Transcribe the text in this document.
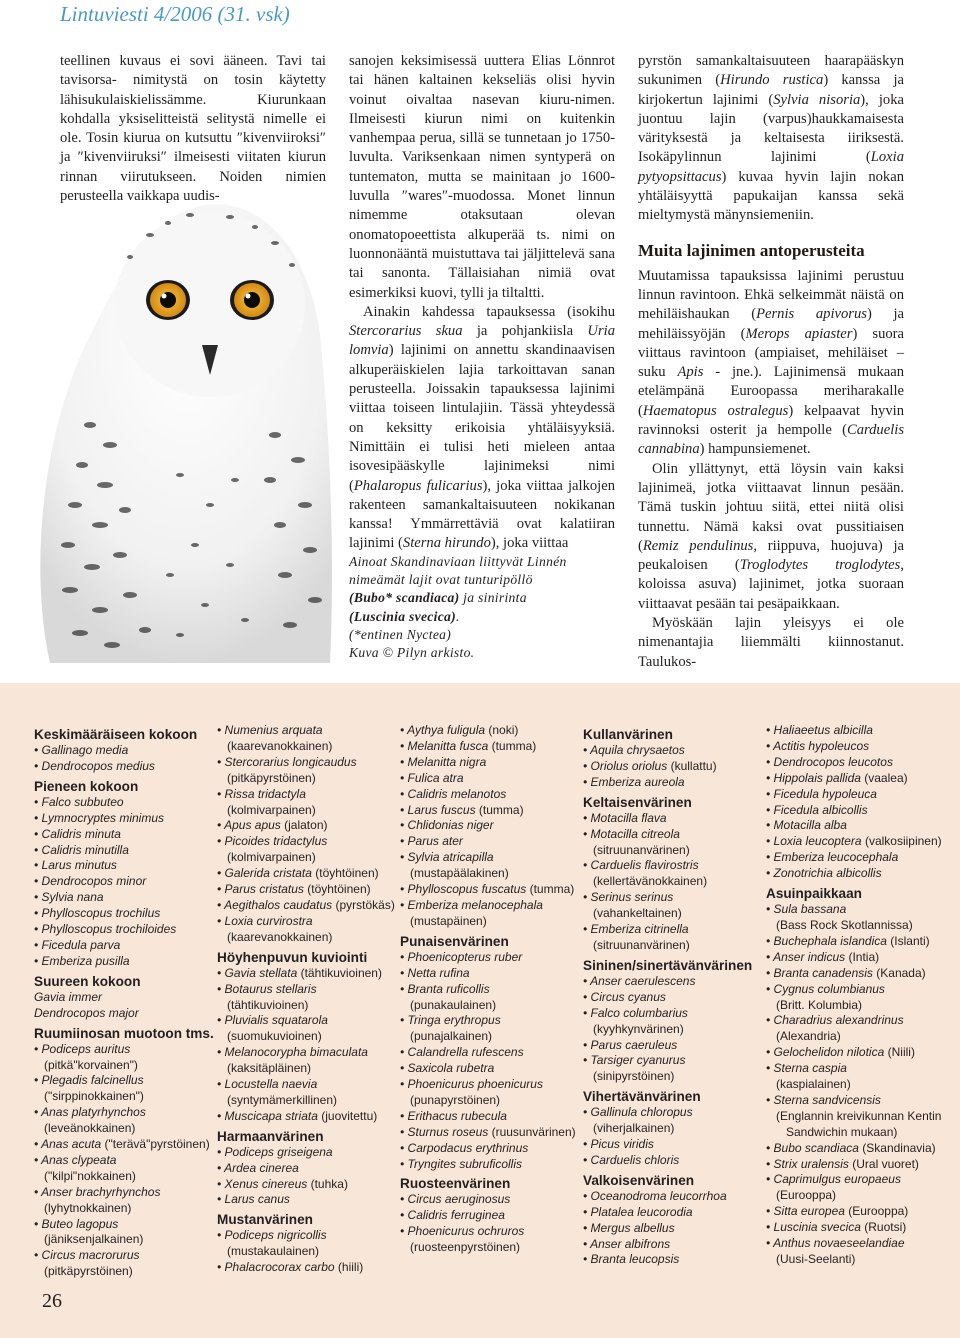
Lintuviesti 4/2006 (31. vsk)

teellinen kuvaus ei sovi ääneen. Tavi tai tavisorsa- nimitystä on tosin käytetty lähisukulaiskielissämme. Kiurunkaan kohdalla yksiselitteistä selitystä nimelle ei ole. Tosin kiurua on kutsuttu ″kivenviiroksi″ ja ″kivenviiruksi″ ilmeisesti viitaten kiurun rinnan viirutukseen. Noiden nimien perusteella vaikkapa uudis-

sanojen keksimisessä uuttera Elias Lönnrot tai hänen kaltainen kekseliäs olisi hyvin voinut oivaltaa nasevan kiuru-nimen. Ilmeisesti kiurun nimi on kuitenkin vanhempaa perua, sillä se tunnetaan jo 1750-luvulta. Variksenkaan nimen syntyperä on tuntematon, mutta se mainitaan jo 1600- luvulla ″wares″-muodossa. Monet linnun nimemme otaksutaan olevan onomatopoeettista alkuperää ts. nimi on luonnonääntä muistuttava tai jäljittelevä sana tai sanonta. Tällaisiahan nimiä ovat esimerkiksi kuovi, tylli ja tiltaltti.

Ainakin kahdessa tapauksessa (isokihu Stercorarius skua ja pohjankiisla Uria lomvia) lajinimi on annettu skandinaavisen alkuperäiskielen lajia tarkoittavan sanan perusteella. Joissakin tapauksessa lajinimi viittaa toiseen lintulajiin. Tässä yhteydessä on keksitty erikoisia yhtäläisyyksiä. Nimittäin ei tulisi heti mieleen antaa isovesipääskylle lajinimeksi nimi (Phalaropus fulicarius), joka viittaa jalkojen rakenteen samankaltaisuuteen nokikanan kanssa! Ymmärrettäviä ovat kalatiiran lajinimi (Sterna hirundo), joka viittaa

Ainoat Skandinaviaan liittyvät Linnén nimeämät lajit ovat tunturipöllö
(Bubo* scandiaca) ja sinirinta
(Luscinia svecica).
(*entinen Nyctea)
Kuva © Pilyn arkisto.

pyrstön samankaltaisuuteen haarapääskyn sukunimen (Hirundo rustica) kanssa ja kirjokertun lajinimi (Sylvia nisoria), joka juontuu lajin (varpus)haukkamaisesta värityksestä ja keltaisesta iiriksestä. Isokäpylinnun lajinimi (Loxia pytyopsittacus) kuvaa hyvin lajin nokan yhtäläisyyttä papukaijan kanssa sekä mieltymystä mänynsiemeniin.

Muita lajinimen antoperusteita

Muutamissa tapauksissa lajinimi perustuu linnun ravintoon. Ehkä selkeimmät näistä on mehiläishaukan (Pernis apivorus) ja mehiläissyöjän (Merops apiaster) suora viittaus ravintoon (ampiaiset, mehiläiset – suku Apis - jne.). Lajinimensä mukaan etelämpänä Euroopassa meriharakalle (Haematopus ostralegus) kelpaavat hyvin ravinnoksi osterit ja hempolle (Carduelis cannabina) hampunsiemenet.

Olin yllättynyt, että löysin vain kaksi lajinimeä, jotka viittaavat linnun pesään. Tämä tuskin johtuu siitä, ettei niitä olisi tunnettu. Nämä kaksi ovat pussitiaisen (Remiz pendulinus, riippuva, huojuva) ja peukaloisen (Troglodytes troglodytes, koloissa asuva) lajinimet, jotka suoraan viittaavat pesään tai pesäpaikkaan.

Myöskään lajin yleisyys ei ole nimenantajia liiemmälti kiinnostanut. Taulukos-

Keskimääräiseen kokoon
• Gallinago media
• Dendrocopos medius
Pieneen kokoon
• Falco subbuteo
• Lymnocryptes minimus
• Calidris minuta
• Calidris minutilla
• Larus minutus
• Dendrocopos minor
• Sylvia nana
• Phylloscopus trochilus
• Phylloscopus trochiloides
• Ficedula parva
• Emberiza pusilla
Suureen kokoon
Gavia immer
Dendrocopos major
Ruumiinosan muotoon tms.
• Podiceps auritus
(pitkä"korvainen")
• Plegadis falcinellus
("sirppinokkainen")
• Anas platyrhynchos
(leveänokkainen)
• Anas acuta ("terävä"pyrstöinen)
• Anas clypeata
("kilpi"nokkainen)
• Anser brachyrhynchos
(lyhytnokkainen)
• Buteo lagopus
(jäniksenjalkainen)
• Circus macrorurus
(pitkäpyrstöinen)
• Numenius arquata
(kaarevanokkainen)
• Stercorarius longicaudus
(pitkäpyrstöinen)
• Rissa tridactyla
(kolmivarpainen)
• Apus apus (jalaton)
• Picoides tridactylus
(kolmivarpainen)
• Galerida cristata (töyhtöinen)
• Parus cristatus (töyhtöinen)
• Aegithalos caudatus (pyrstökäs)
• Loxia curvirostra
(kaarevanokkainen)
Höyhenpuvun kuviointi
• Gavia stellata (tähtikuvioinen)
• Botaurus stellaris
(tähtikuvioinen)
• Pluvialis squatarola
(suomukuvioinen)
• Melanocorypha bimaculata
(kaksitäpläinen)
• Locustella naevia
(syntymämerkillinen)
• Muscicapa striata (juovitettu)
Harmaanvärinen
• Podiceps griseigena
• Ardea cinerea
• Xenus cinereus (tuhka)
• Larus canus
Mustanvärinen
• Podiceps nigricollis
(mustakaulainen)
• Phalacrocorax carbo (hiili)
• Aythya fuligula (noki)
• Melanitta fusca (tumma)
• Melanitta nigra
• Fulica atra
• Calidris melanotos
• Larus fuscus (tumma)
• Chlidonias niger
• Parus ater
• Sylvia atricapilla
(mustapäälakinen)
• Phylloscopus fuscatus (tumma)
• Emberiza melanocephala
(mustapäinen)
Punaisenvärinen
• Phoenicopterus ruber
• Netta rufina
• Branta ruficollis
(punakaulainen)
• Tringa erythropus
(punajalkainen)
• Calandrella rufescens
• Saxicola rubetra
• Phoenicurus phoenicurus
(punapyrstöinen)
• Erithacus rubecula
• Sturnus roseus (ruusunvärinen)
• Carpodacus erythrinus
• Tryngites subruficollis
Ruosteenvärinen
• Circus aeruginosus
• Calidris ferruginea
• Phoenicurus ochruros
(ruosteenpyrstöinen)
Kullanvärinen
• Aquila chrysaetos
• Oriolus oriolus (kullattu)
• Emberiza aureola
Keltaisenvärinen
• Motacilla flava
• Motacilla citreola
(sitruunanvärinen)
• Carduelis flavirostris
(kellertävänokkainen)
• Serinus serinus
(vahankeltainen)
• Emberiza citrinella
(sitruunanvärinen)
Sininen/sinertävänvärinen
• Anser caerulescens
• Circus cyanus
• Falco columbarius
(kyyhkynvärinen)
• Parus caeruleus
• Tarsiger cyanurus
(sinipyrstöinen)
Vihertävänvärinen
• Gallinula chloropus
(viherjalkainen)
• Picus viridis
• Carduelis chloris
Valkoisenvärinen
• Oceanodroma leucorrhoa
• Platalea leucorodia
• Mergus albellus
• Anser albifrons
• Branta leucopsis
• Haliaeetus albicilla
• Actitis hypoleucos
• Dendrocopos leucotos
• Hippolais pallida (vaalea)
• Ficedula hypoleuca
• Ficedula albicollis
• Motacilla alba
• Loxia leucoptera (valkosiipinen)
• Emberiza leucocephala
• Zonotrichia albicollis
Asuinpaikkaan
• Sula bassana
(Bass Rock Skotlannissa)
• Buchephala islandica (Islanti)
• Anser indicus (Intia)
• Branta canadensis (Kanada)
• Cygnus columbianus
(Britt. Kolumbia)
• Charadrius alexandrinus
(Alexandria)
• Gelochelidon nilotica (Niili)
• Sterna caspia
(kaspialainen)
• Sterna sandvicensis
(Englannin kreivikunnan Kentin
Sandwichin mukaan)
• Bubo scandiaca (Skandinavia)
• Strix uralensis (Ural vuoret)
• Caprimulgus europaeus
(Eurooppa)
• Sitta europea (Eurooppa)
• Luscinia svecica (Ruotsi)
• Anthus novaeseelandiae
(Uusi-Seelanti)
26
